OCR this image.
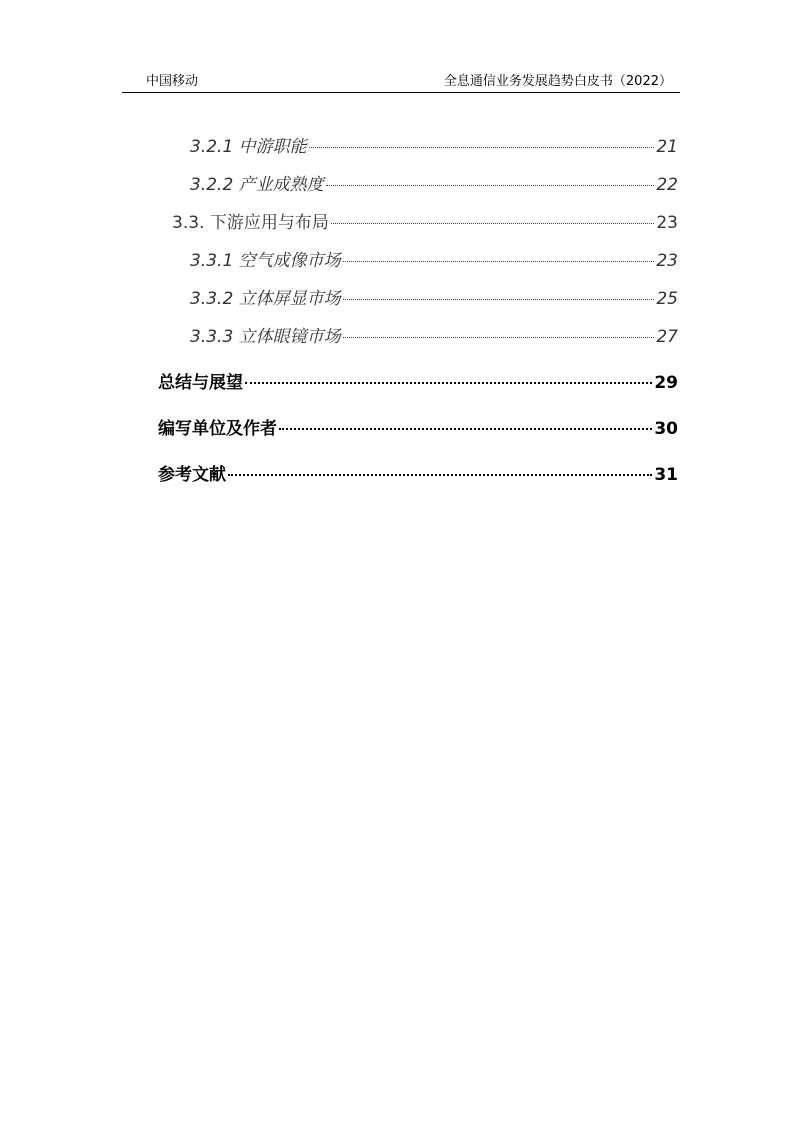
中国移动	全息通信业务发展趋势白皮书（2022）
3.2.1 中游职能	21
3.2.2 产业成熟度	22
3.3. 下游应用与布局	23
3.3.1 空气成像市场	23
3.3.2 立体屏显市场	25
3.3.3 立体眼镜市场	27
总结与展望	29
编写单位及作者	30
参考文献	31
